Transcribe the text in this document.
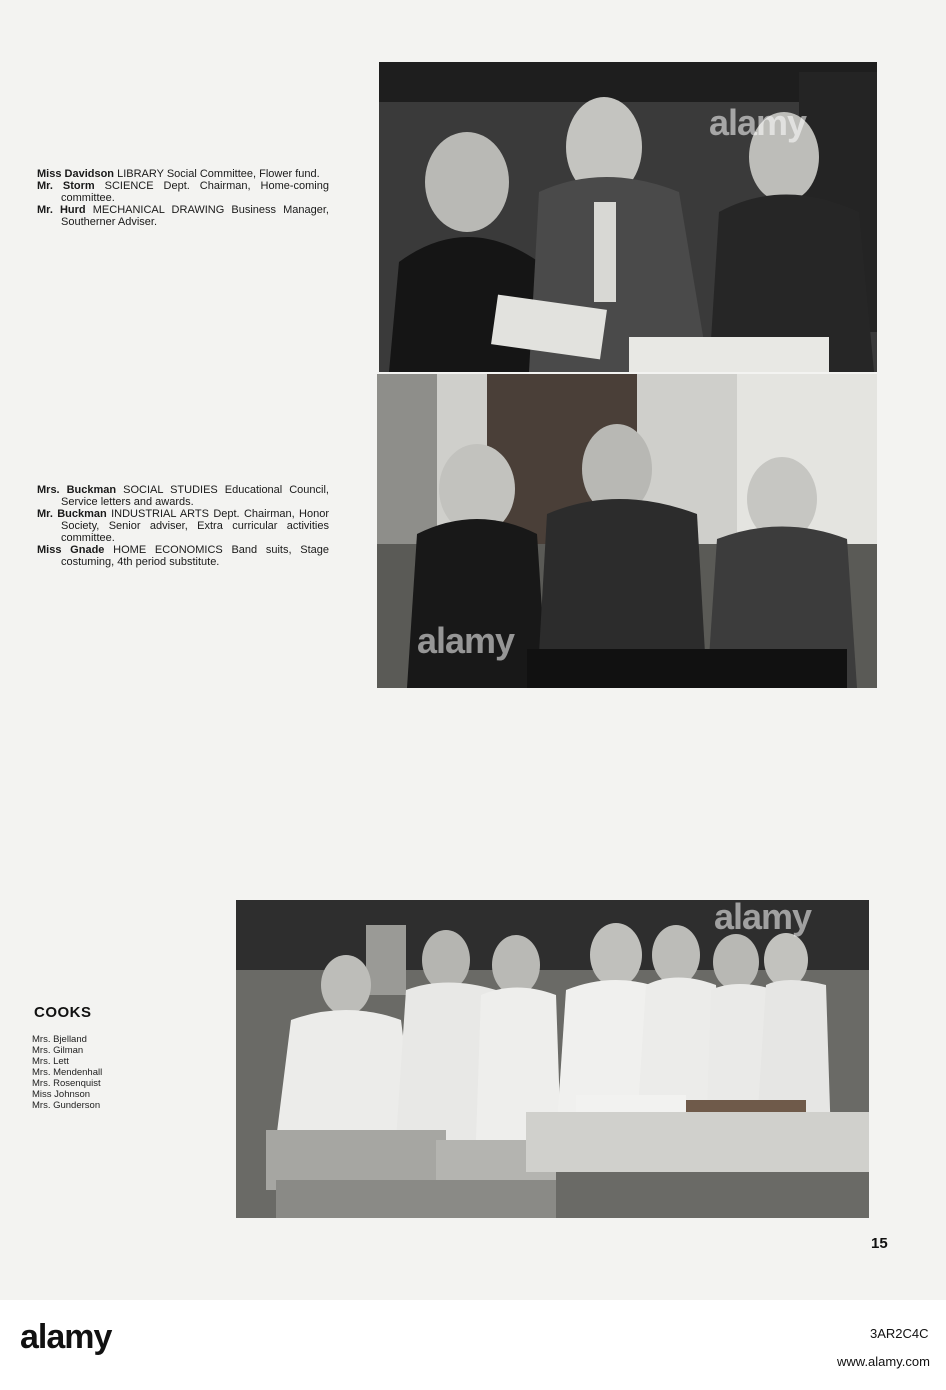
alamy

Miss Davidson LIBRARY Social Committee, Flower fund.

Mr. Storm SCIENCE Dept. Chairman, Home-coming committee.

Mr. Hurd MECHANICAL DRAWING Business Manager, Southerner Adviser.

alamy

Mrs. Buckman SOCIAL STUDIES Educational Council, Service letters and awards.

Mr. Buckman INDUSTRIAL ARTS Dept. Chairman, Honor Society, Senior adviser, Extra curricular activities committee.

Miss Gnade HOME ECONOMICS Band suits, Stage costuming, 4th period substitute.

alamy
COOKS
Mrs. Bjelland
Mrs. Gilman
Mrs. Lett
Mrs. Mendenhall
Mrs. Rosenquist
Miss Johnson
Mrs. Gunderson
15
alamy	3AR2C4C
www.alamy.com
